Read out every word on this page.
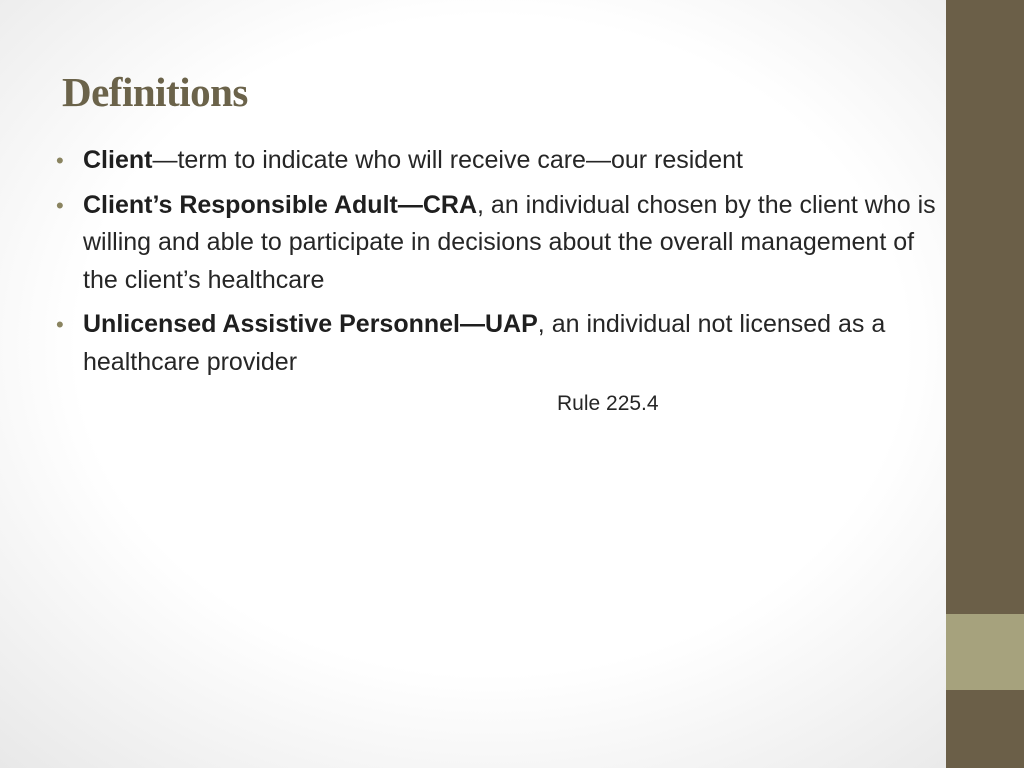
Definitions
• Client—term to indicate who will receive care—our resident
• Client’s Responsible Adult—CRA, an individual chosen by the client who is willing and able to participate in decisions about the overall management of the client’s healthcare
• Unlicensed Assistive Personnel—UAP, an individual not licensed as a healthcare provider
Rule 225.4
